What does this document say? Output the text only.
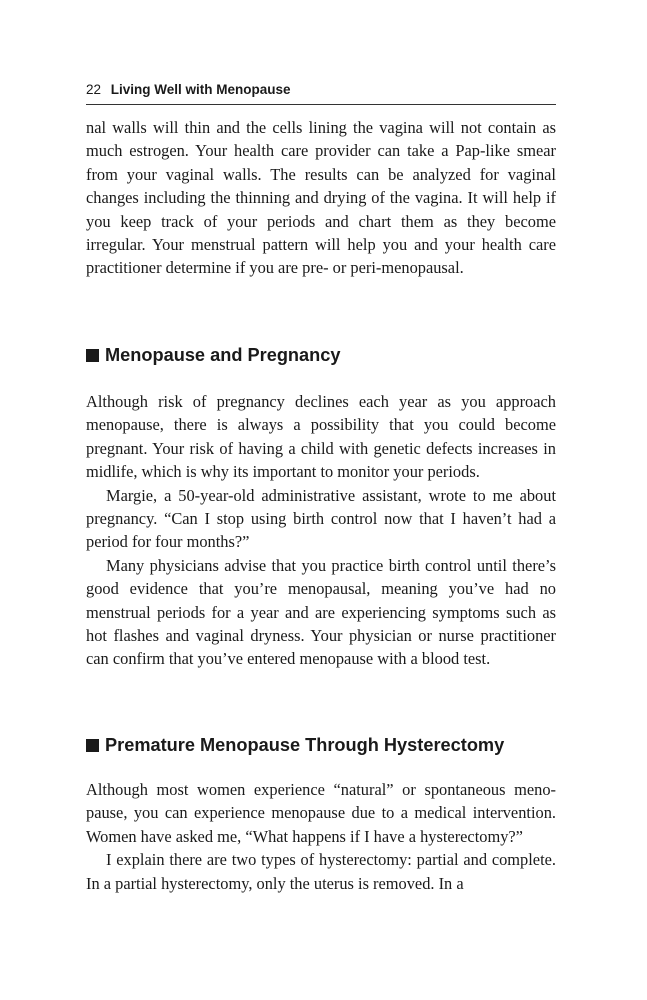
22 Living Well with Menopause

nal walls will thin and the cells lining the vagina will not contain as much estrogen. Your health care provider can take a Pap-like smear from your vaginal walls. The results can be analyzed for vaginal changes including the thinning and drying of the vagina. It will help if you keep track of your periods and chart them as they become irregular. Your menstrual pattern will help you and your health care practitioner determine if you are pre- or peri-menopausal.

Menopause and Pregnancy

Although risk of pregnancy declines each year as you approach menopause, there is always a possibility that you could become pregnant. Your risk of having a child with genetic defects increases in midlife, which is why its important to monitor your periods.

Margie, a 50-year-old administrative assistant, wrote to me about pregnancy. “Can I stop using birth control now that I haven’t had a period for four months?”

Many physicians advise that you practice birth control until there’s good evidence that you’re menopausal, meaning you’ve had no menstrual periods for a year and are experiencing symptoms such as hot flashes and vaginal dryness. Your physician or nurse practitioner can confirm that you’ve entered menopause with a blood test.

Premature Menopause Through Hysterectomy

Although most women experience “natural” or spontaneous menopause, you can experience menopause due to a medical intervention. Women have asked me, “What happens if I have a hysterectomy?”

I explain there are two types of hysterectomy: partial and complete. In a partial hysterectomy, only the uterus is removed. In a
